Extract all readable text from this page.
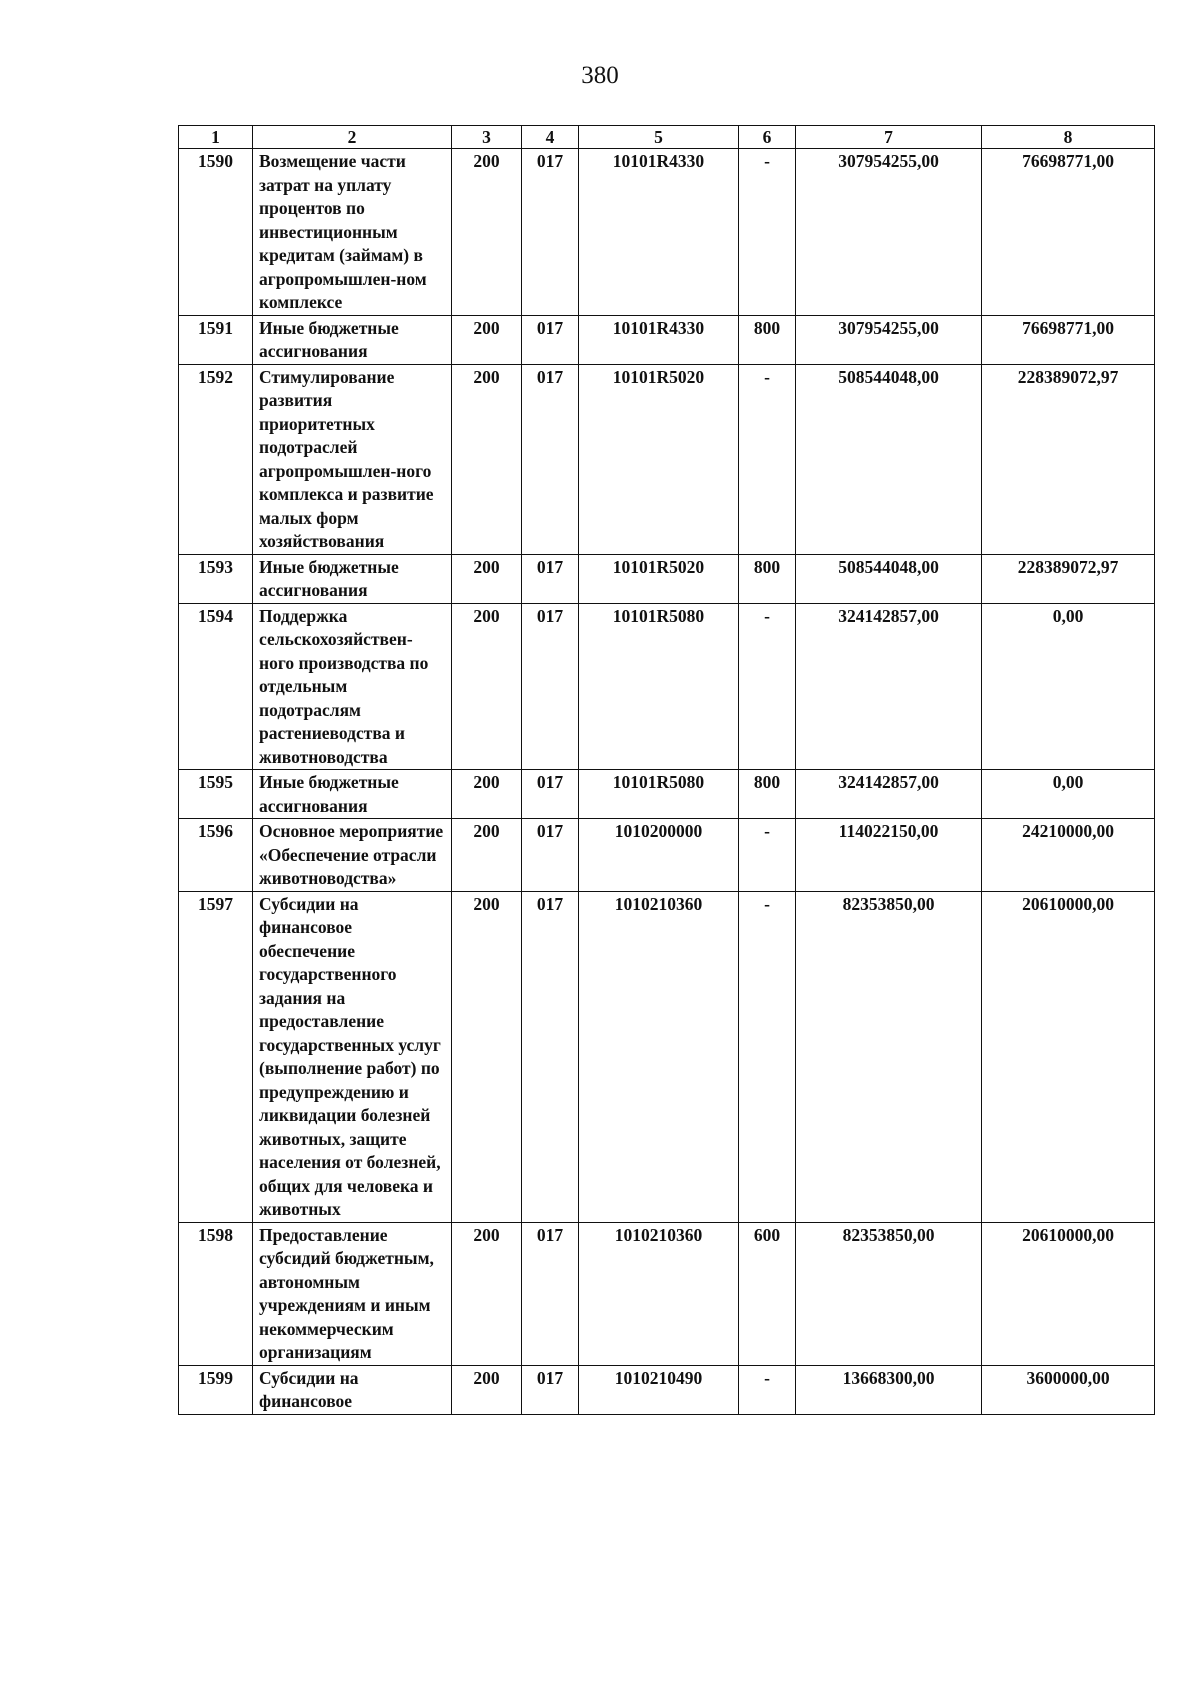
380
1	2	3	4	5	6	7	8
1590	Возмещение части затрат на уплату процентов по инвестиционным кредитам (займам) в агропромышлен-ном комплексе	200	017	10101R4330	-	307954255,00	76698771,00
1591	Иные бюджетные ассигнования	200	017	10101R4330	800	307954255,00	76698771,00
1592	Стимулирование развития приоритетных подотраслей агропромышлен-ного комплекса и развитие малых форм хозяйствования	200	017	10101R5020	-	508544048,00	228389072,97
1593	Иные бюджетные ассигнования	200	017	10101R5020	800	508544048,00	228389072,97
1594	Поддержка сельскохозяйствен-ного производства по отдельным подотраслям растениеводства и животноводства	200	017	10101R5080	-	324142857,00	0,00
1595	Иные бюджетные ассигнования	200	017	10101R5080	800	324142857,00	0,00
1596	Основное мероприятие «Обеспечение отрасли животноводства»	200	017	1010200000	-	114022150,00	24210000,00
1597	Субсидии на финансовое обеспечение государственного задания на предоставление государственных услуг (выполнение работ) по предупреждению и ликвидации болезней животных, защите населения от болезней, общих для человека и животных	200	017	1010210360	-	82353850,00	20610000,00
1598	Предоставление субсидий бюджетным, автономным учреждениям и иным некоммерческим организациям	200	017	1010210360	600	82353850,00	20610000,00
1599	Субсидии на финансовое	200	017	1010210490	-	13668300,00	3600000,00
